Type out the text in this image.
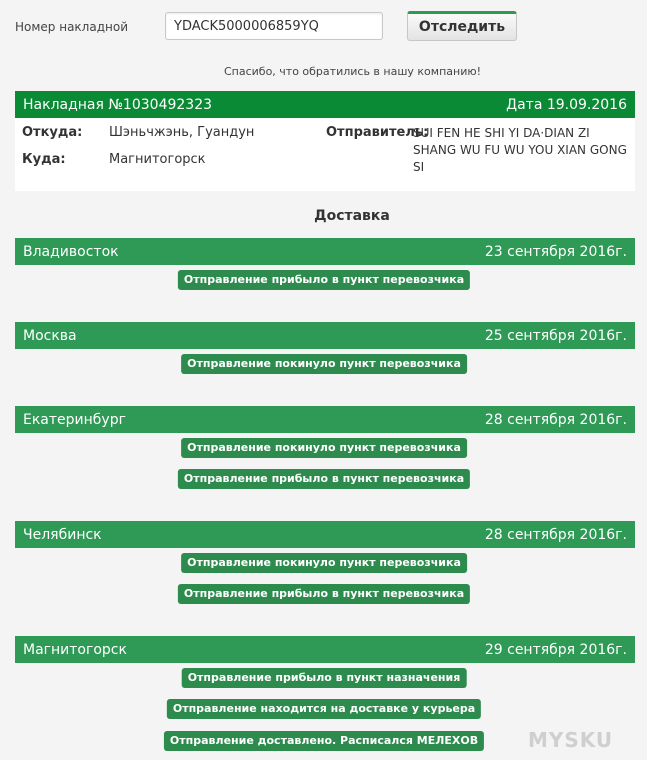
Номер накладной
YDACK5000006859YQ	Отследить
Спасибо, что обратились в нашу компанию!
Накладная №1030492323	Дата 19.09.2016
Откуда: Шэньчжэнь, Гуандун
Куда:	Магнитогорск
Отправитель:
SUI FEN HE SHI YI DA·DIAN ZI SHANG WU FU WU YOU XIAN GONG SI
Доставка
Владивосток	23 сентября 2016г.
Отправление прибыло в пункт перевозчика
Москва	25 сентября 2016г.
Отправление покинуло пункт перевозчика
Екатеринбург	28 сентября 2016г.
Отправление покинуло пункт перевозчика
Отправление прибыло в пункт перевозчика
Челябинск	28 сентября 2016г.
Отправление покинуло пункт перевозчика
Отправление прибыло в пункт перевозчика
Магнитогорск	29 сентября 2016г.
Отправление прибыло в пункт назначения
Отправление находится на доставке у курьера
Отправление доставлено. Расписался МЕЛЕХОВ	MYSKU
